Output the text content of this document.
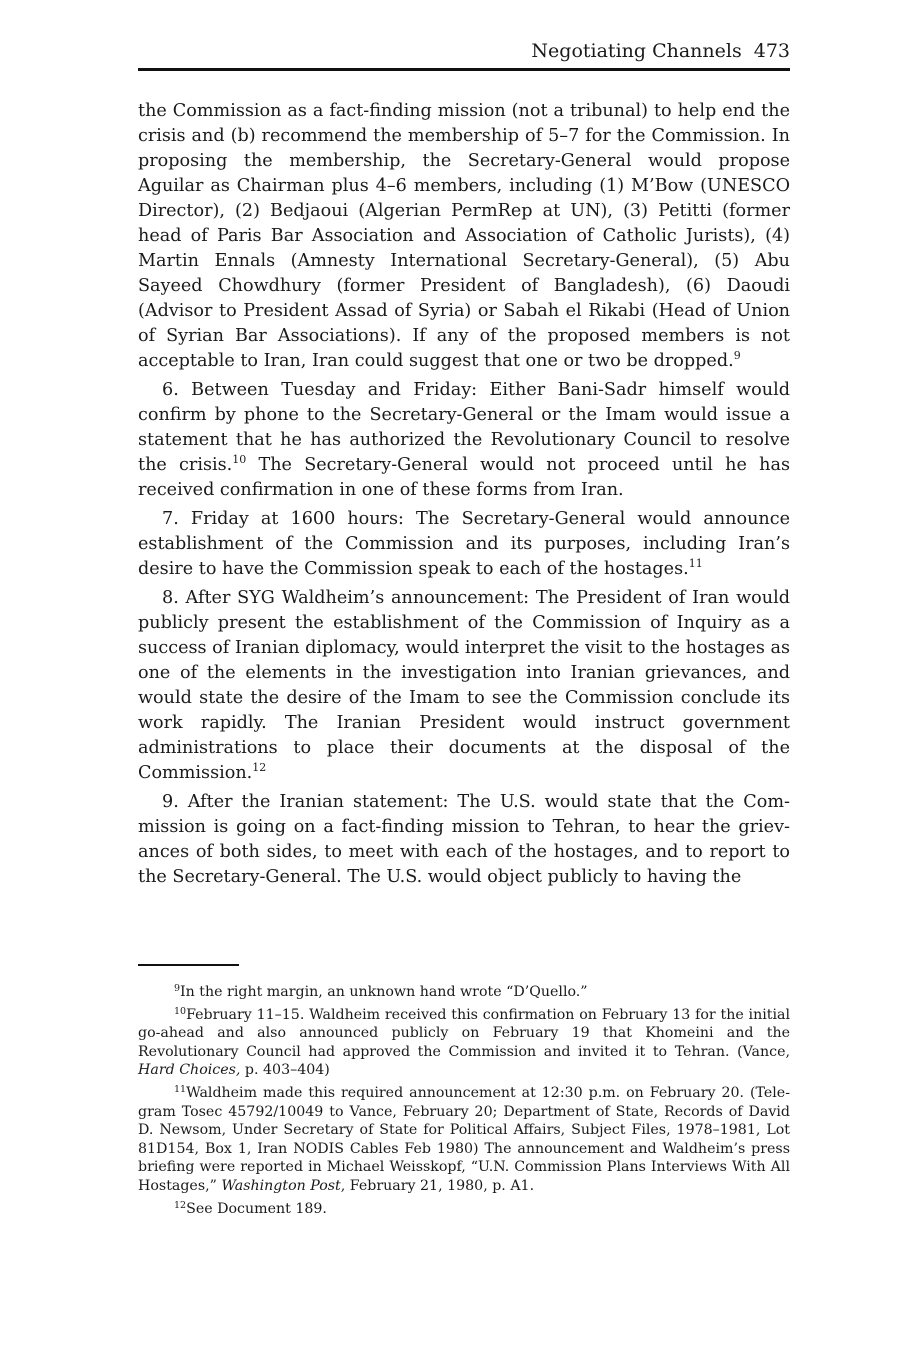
Negotiating Channels 473

the Commission as a fact-finding mission (not a tribunal) to help end the crisis and (b) recommend the membership of 5–7 for the Commission. In proposing the membership, the Secretary-General would propose Aguilar as Chairman plus 4–6 members, including (1) M’Bow (UNESCO Director), (2) Bedjaoui (Algerian PermRep at UN), (3) Petitti (former head of Paris Bar Association and Association of Catholic Jurists), (4) Martin Ennals (Amnesty International Secretary-General), (5) Abu Sayeed Chowdhury (former President of Bangladesh), (6) Daoudi (Advisor to President Assad of Syria) or Sabah el Rikabi (Head of Union of Syrian Bar Associations). If any of the proposed members is not acceptable to Iran, Iran could suggest that one or two be dropped.$^9$

6. Between Tuesday and Friday: Either Bani-Sadr himself would confirm by phone to the Secretary-General or the Imam would issue a statement that he has authorized the Revolutionary Council to resolve the crisis.$^{10}$ The Secretary-General would not proceed until he has received confirmation in one of these forms from Iran.

7. Friday at 1600 hours: The Secretary-General would announce establishment of the Commission and its purposes, including Iran’s desire to have the Commission speak to each of the hostages.$^{11}$

8. After SYG Waldheim’s announcement: The President of Iran would publicly present the establishment of the Commission of Inquiry as a success of Iranian diplomacy, would interpret the visit to the hostages as one of the elements in the investigation into Iranian grievances, and would state the desire of the Imam to see the Commission conclude its work rapidly. The Iranian President would instruct government administrations to place their documents at the disposal of the Commission.$^{12}$

9. After the Iranian statement: The U.S. would state that the Commission is going on a fact-finding mission to Tehran, to hear the grievances of both sides, to meet with each of the hostages, and to report to the Secretary-General. The U.S. would object publicly to having the

$^9$In the right margin, an unknown hand wrote “D’Quello.”

$^{10}$February 11–15. Waldheim received this confirmation on February 13 for the initial go-ahead and also announced publicly on February 19 that Khomeini and the Revolutionary Council had approved the Commission and invited it to Tehran. (Vance, Hard Choices, p. 403–404)

$^{11}$Waldheim made this required announcement at 12:30 p.m. on February 20. (Telegram Tosec 45792/10049 to Vance, February 20; Department of State, Records of David D. Newsom, Under Secretary of State for Political Affairs, Subject Files, 1978–1981, Lot 81D154, Box 1, Iran NODIS Cables Feb 1980) The announcement and Waldheim’s press briefing were reported in Michael Weisskopf, “U.N. Commission Plans Interviews With All Hostages,” Washington Post, February 21, 1980, p. A1.

$^{12}$See Document 189.
